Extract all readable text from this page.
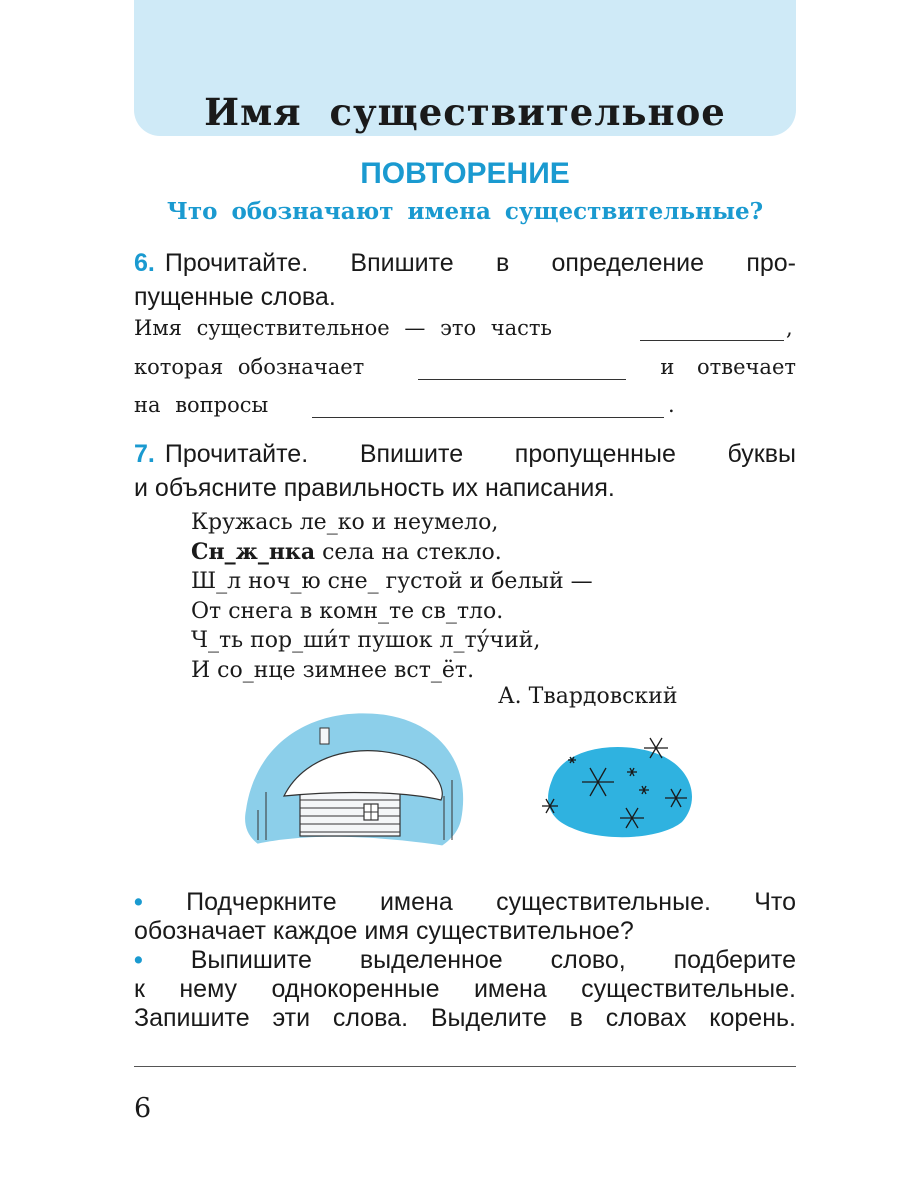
Имя существительное
ПОВТОРЕНИЕ
Что обозначают имена существительные?
6. Прочитайте. Впишите в определение про-
пущенные слова.
Имя существительное — это часть	,
которая обозначает	и отвечает
на вопросы	.
7. Прочитайте. Впишите пропущенные буквы
и объясните правильность их написания.
Кружась ле_ко и неумело,
Сн_ж_нка села на стекло.
Ш_л ноч_ю сне_ густой и белый —
От снега в комн_те св_тло.
Ч_ть пор_ши́т пушок л_ту́чий,
И со_нце зимнее вст_ёт.
А. Твардовский
• Подчеркните имена существительные. Что
обозначает каждое имя существительное?
• Выпишите выделенное слово, подберите
к нему однокоренные имена существительные.
Запишите эти слова. Выделите в словах корень.
6
